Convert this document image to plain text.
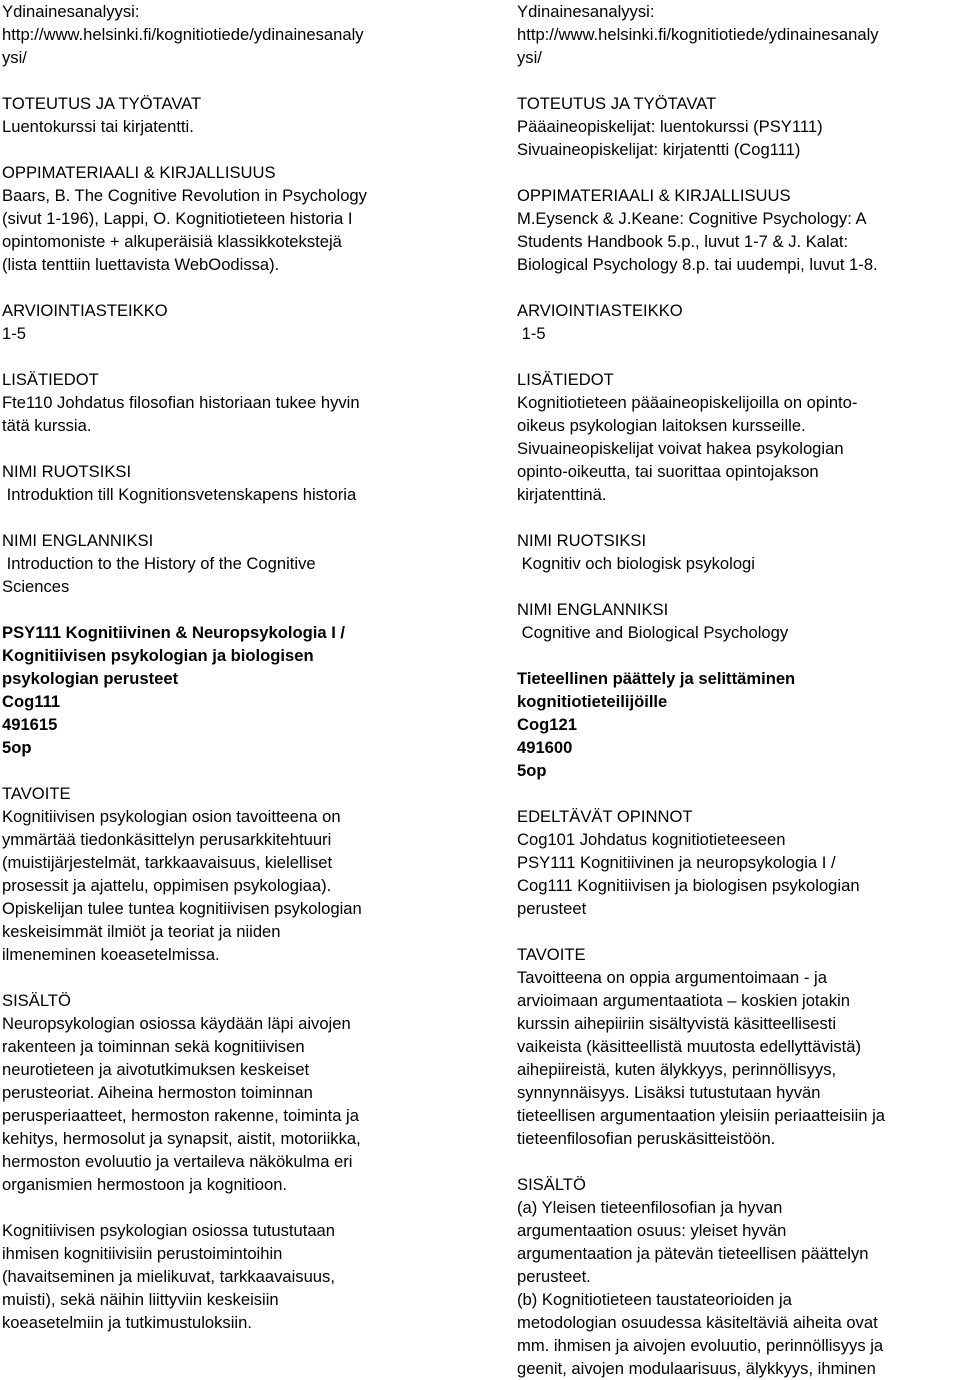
Ydinainesanalyysi:

http://www.helsinki.fi/kognitiotiede/ydinainesanaly

ysi/

TOTEUTUS JA TYÖTAVAT

Luentokurssi tai kirjatentti.

OPPIMATERIAALI & KIRJALLISUUS

Baars, B. The Cognitive Revolution in Psychology

(sivut 1-196), Lappi, O. Kognitiotieteen historia I

opintomoniste + alkuperäisiä klassikkotekstejä

(lista tenttiin luettavista WebOodissa).

ARVIOINTIASTEIKKO

1-5

LISÄTIEDOT

Fte110 Johdatus filosofian historiaan tukee hyvin

tätä kurssia.

NIMI RUOTSIKSI

Introduktion till Kognitionsvetenskapens historia

NIMI ENGLANNIKSI

Introduction to the History of the Cognitive

Sciences

PSY111 Kognitiivinen & Neuropsykologia I /

Kognitiivisen psykologian ja biologisen

psykologian perusteet

Cog111

491615

5op

TAVOITE

Kognitiivisen psykologian osion tavoitteena on

ymmärtää tiedonkäsittelyn perusarkkitehtuuri

(muistijärjestelmät, tarkkaavaisuus, kielelliset

prosessit ja ajattelu, oppimisen psykologiaa).

Opiskelijan tulee tuntea kognitiivisen psykologian

keskeisimmät ilmiöt ja teoriat ja niiden

ilmeneminen koeasetelmissa.

SISÄLTÖ

Neuropsykologian osiossa käydään läpi aivojen

rakenteen ja toiminnan sekä kognitiivisen

neurotieteen ja aivotutkimuksen keskeiset

perusteoriat. Aiheina hermoston toiminnan

perusperiaatteet, hermoston rakenne, toiminta ja

kehitys, hermosolut ja synapsit, aistit, motoriikka,

hermoston evoluutio ja vertaileva näkökulma eri

organismien hermostoon ja kognitioon.

Kognitiivisen psykologian osiossa tutustutaan

ihmisen kognitiivisiin perustoimintoihin

(havaitseminen ja mielikuvat, tarkkaavaisuus,

muisti), sekä näihin liittyviin keskeisiin

koeasetelmiin ja tutkimustuloksiin.

Ydinainesanalyysi:

http://www.helsinki.fi/kognitiotiede/ydinainesanaly

ysi/

TOTEUTUS JA TYÖTAVAT

Pääaineopiskelijat: luentokurssi (PSY111)

Sivuaineopiskelijat: kirjatentti (Cog111)

OPPIMATERIAALI & KIRJALLISUUS

M.Eysenck & J.Keane: Cognitive Psychology: A

Students Handbook 5.p., luvut 1-7 & J. Kalat:

Biological Psychology 8.p. tai uudempi, luvut 1-8.

ARVIOINTIASTEIKKO

1-5

LISÄTIEDOT

Kognitiotieteen pääaineopiskelijoilla on opinto-

oikeus psykologian laitoksen kursseille.

Sivuaineopiskelijat voivat hakea psykologian

opinto-oikeutta, tai suorittaa opintojakson

kirjatenttinä.

NIMI RUOTSIKSI

Kognitiv och biologisk psykologi

NIMI ENGLANNIKSI

Cognitive and Biological Psychology

Tieteellinen päättely ja selittäminen

kognitiotieteilijöille

Cog121

491600

5op

EDELTÄVÄT OPINNOT

Cog101 Johdatus kognitiotieteeseen

PSY111 Kognitiivinen ja neuropsykologia I /

Cog111 Kognitiivisen ja biologisen psykologian

perusteet

TAVOITE

Tavoitteena on oppia argumentoimaan - ja

arvioimaan argumentaatiota – koskien jotakin

kurssin aihepiiriin sisältyvistä käsitteellisesti

vaikeista (käsitteellistä muutosta edellyttävistä)

aihepiireistä, kuten älykkyys, perinnöllisyys,

synnynnäisyys. Lisäksi tutustutaan hyvän

tieteellisen argumentaation yleisiin periaatteisiin ja

tieteenfilosofian peruskäsitteistöön.

SISÄLTÖ

(a) Yleisen tieteenfilosofian ja hyvan

argumentaation osuus: yleiset hyvän

argumentaation ja pätevän tieteellisen päättelyn

perusteet.

(b) Kognitiotieteen taustateorioiden ja

metodologian osuudessa käsiteltäviä aiheita ovat

mm. ihmisen ja aivojen evoluutio, perinnöllisyys ja

geenit, aivojen modulaarisuus, älykkyys, ihminen
